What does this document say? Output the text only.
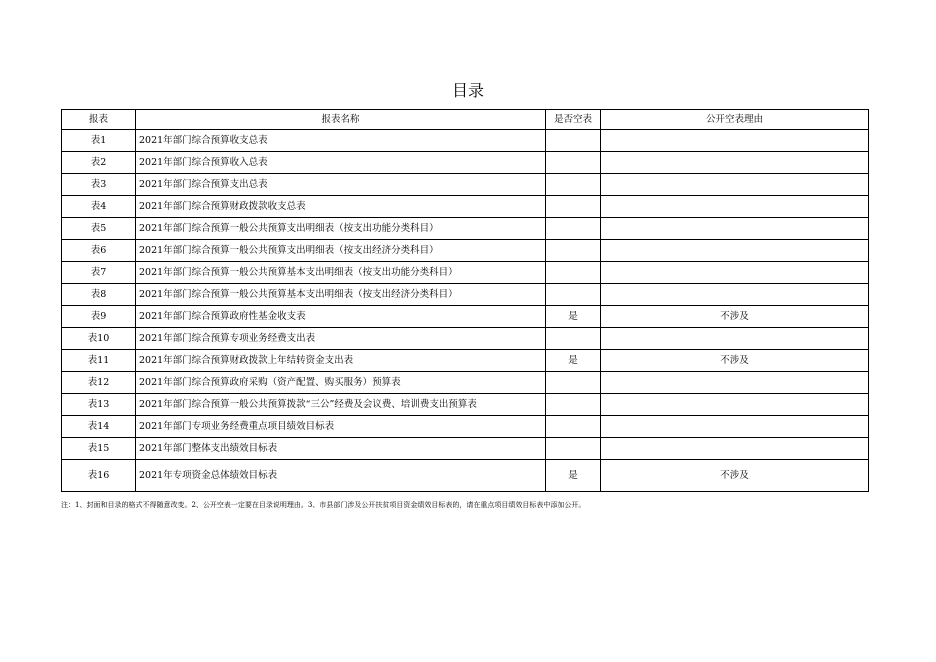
目录
报表	报表名称	是否空表	公开空表理由
表1	2021年部门综合预算收支总表		
表2	2021年部门综合预算收入总表		
表3	2021年部门综合预算支出总表		
表4	2021年部门综合预算财政拨款收支总表		
表5	2021年部门综合预算一般公共预算支出明细表（按支出功能分类科目）		
表6	2021年部门综合预算一般公共预算支出明细表（按支出经济分类科目）		
表7	2021年部门综合预算一般公共预算基本支出明细表（按支出功能分类科目）		
表8	2021年部门综合预算一般公共预算基本支出明细表（按支出经济分类科目）		
表9	2021年部门综合预算政府性基金收支表	是	不涉及
表10	2021年部门综合预算专项业务经费支出表		
表11	2021年部门综合预算财政拨款上年结转资金支出表	是	不涉及
表12	2021年部门综合预算政府采购（资产配置、购买服务）预算表		
表13	2021年部门综合预算一般公共预算拨款“三公”经费及会议费、培训费支出预算表		
表14	2021年部门专项业务经费重点项目绩效目标表		
表15	2021年部门整体支出绩效目标表		
表16	2021年专项资金总体绩效目标表	是	不涉及
注：1、封面和目录的格式不得随意改变。2、公开空表一定要在目录说明理由。3、市县部门涉及公开扶贫项目资金绩效目标表的，请在重点项目绩效目标表中添加公开。
